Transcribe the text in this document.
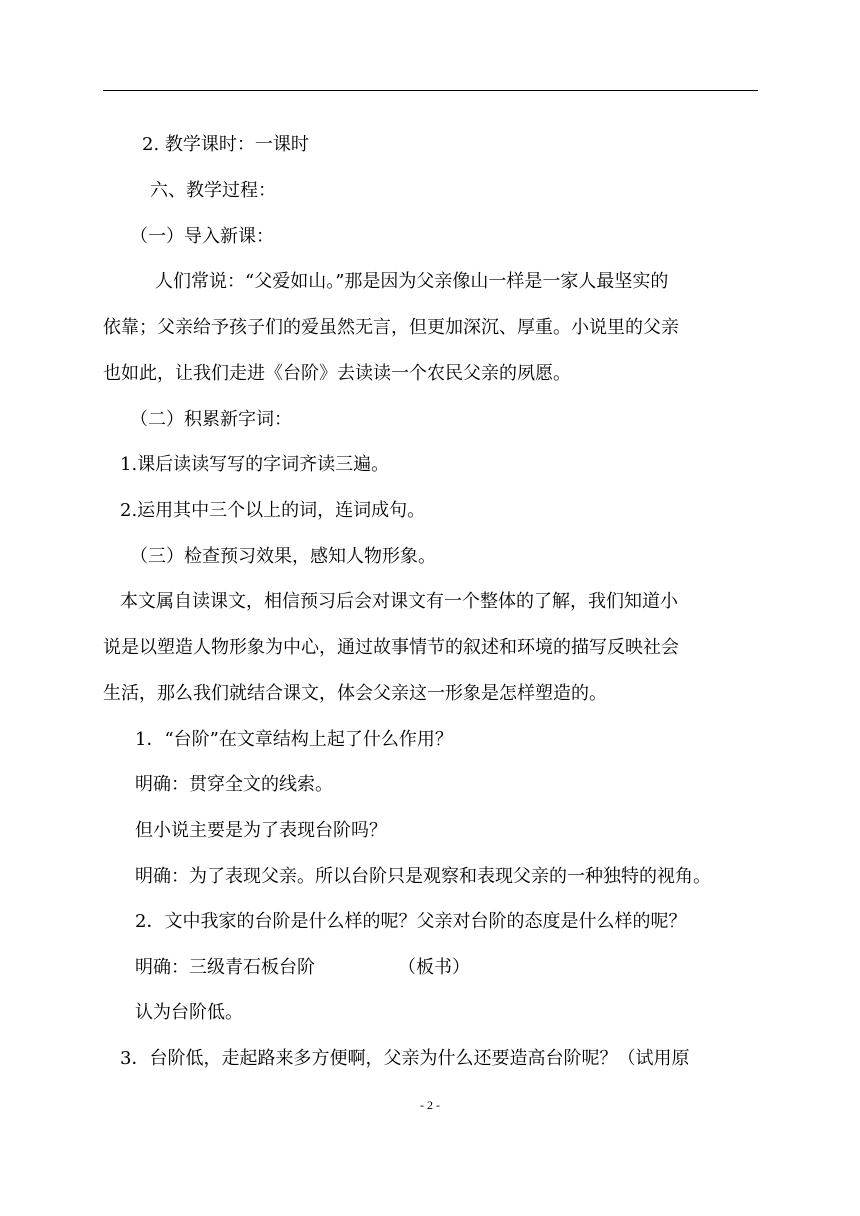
2. 教学课时：一课时
六、教学过程：
（一）导入新课：
人们常说：“父爱如山。”那是因为父亲像山一样是一家人最坚实的
依靠；父亲给予孩子们的爱虽然无言，但更加深沉、厚重。小说里的父亲
也如此，让我们走进《台阶》去读读一个农民父亲的夙愿。
（二）积累新字词：
1.课后读读写写的字词齐读三遍。
2.运用其中三个以上的词，连词成句。
（三）检查预习效果，感知人物形象。
本文属自读课文，相信预习后会对课文有一个整体的了解，我们知道小
说是以塑造人物形象为中心，通过故事情节的叙述和环境的描写反映社会
生活，那么我们就结合课文，体会父亲这一形象是怎样塑造的。
1．“台阶”在文章结构上起了什么作用？
明确：贯穿全文的线索。
但小说主要是为了表现台阶吗？
明确：为了表现父亲。所以台阶只是观察和表现父亲的一种独特的视角。
2．文中我家的台阶是什么样的呢？父亲对台阶的态度是什么样的呢？
明确：三级青石板台阶	（板书）
认为台阶低。
3．台阶低，走起路来多方便啊，父亲为什么还要造高台阶呢？（试用原
- 2 -
